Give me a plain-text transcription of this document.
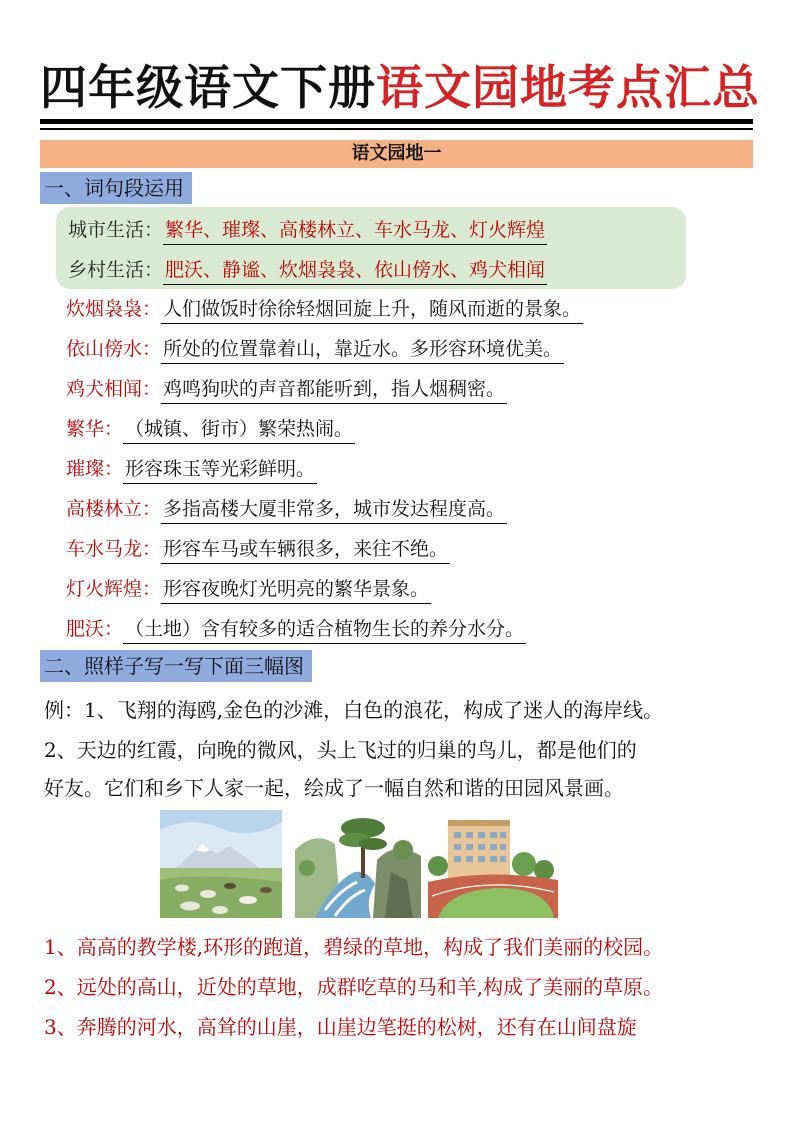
四年级语文下册语文园地考点汇总
语文园地一
一、词句段运用
城市生活： 繁华、璀璨、高楼林立、车水马龙、灯火辉煌
乡村生活： 肥沃、静谧、炊烟袅袅、依山傍水、鸡犬相闻
炊烟袅袅： 人们做饭时徐徐轻烟回旋上升，随风而逝的景象。
依山傍水： 所处的位置靠着山，靠近水。多形容环境优美。
鸡犬相闻： 鸡鸣狗吠的声音都能听到，指人烟稠密。
繁华： （城镇、街市）繁荣热闹。
璀璨： 形容珠玉等光彩鲜明。
高楼林立： 多指高楼大厦非常多，城市发达程度高。
车水马龙： 形容车马或车辆很多，来往不绝。
灯火辉煌： 形容夜晚灯光明亮的繁华景象。
肥沃： （土地）含有较多的适合植物生长的养分水分。
二、照样子写一写下面三幅图
例：1、飞翔的海鸥,金色的沙滩，白色的浪花，构成了迷人的海岸线。
2、天边的红霞，向晚的微风，头上飞过的归巢的鸟儿，都是他们的
好友。它们和乡下人家一起，绘成了一幅自然和谐的田园风景画。
1、高高的教学楼,环形的跑道，碧绿的草地，构成了我们美丽的校园。
2、远处的高山，近处的草地，成群吃草的马和羊,构成了美丽的草原。
3、奔腾的河水，高耸的山崖，山崖边笔挺的松树，还有在山间盘旋
